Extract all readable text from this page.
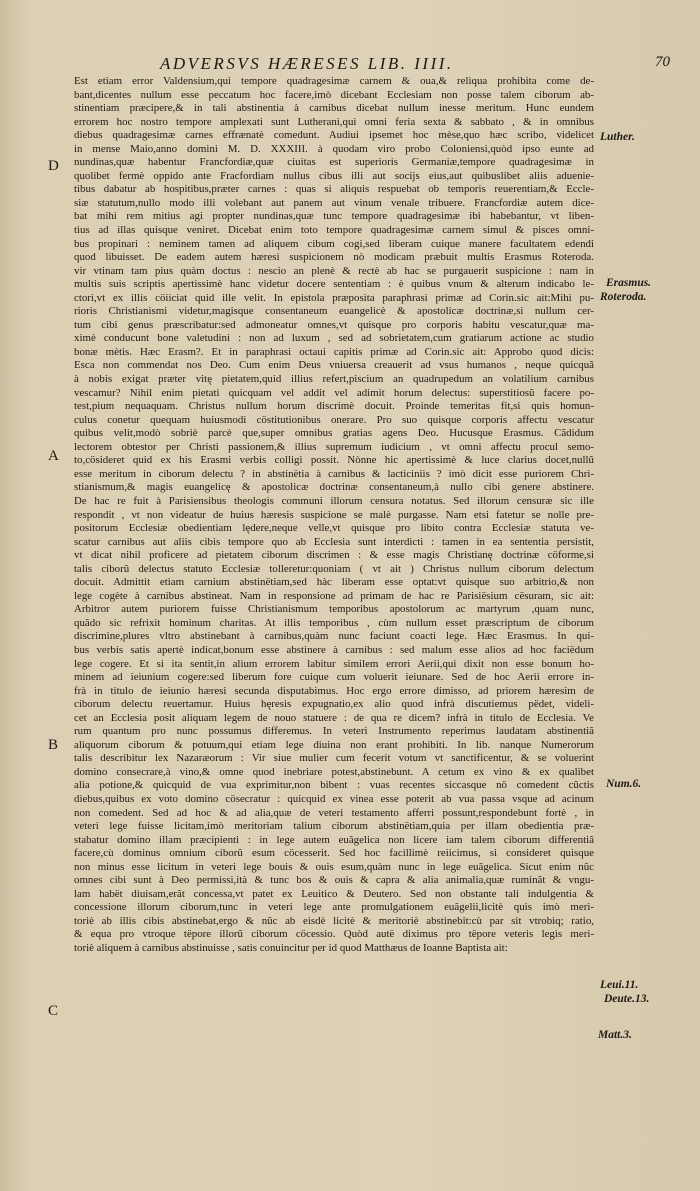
ADVERSVS HÆRESES LIB. IIII.	70
Est etiam error Valdensium,qui tempore quadragesimæ carnem & oua,& reliqua prohibita come de-
bant,dicentes nullum esse peccatum hoc facere,imò dicebant Ecclesiam non posse talem ciborum ab-
stinentiam præcipere,& in tali abstinentia à carnibus dicebat nullum inesse meritum. Hunc eundem
errorem hoc nostro tempore amplexati sunt Lutherani,qui omni feria sexta & sabbato , & in omnibus
diebus quadragesimæ carnes effrænatè comedunt. Audiui ipsemet hoc mèse,quo hæc scribo, videlicet
in mense Maio,anno domini M. D. XXXIII. à quodam viro probo Coloniensi,quòd ipso eunte ad
nundinas,quæ habentur Francfordiæ,quæ ciuitas est superioris Germaniæ,tempore quadragesimæ in
quolibet fermè oppido ante Fracfordiam nullus cibus illi aut socijs eius,aut quibuslibet aliis aduenie-
tibus dabatur ab hospitibus,præter carnes : quas si aliquis respuebat ob temporis reuerentiam,& Eccle-
siæ statutum,nullo modo illi volebant aut panem aut vinum venale tribuere. Francfordiæ autem dice-
bat mihi rem mitius agi propter nundinas,quæ tunc tempore quadragesimæ ibi habebantur, vt liben-
tius ad illas quisque veniret. Dicebat enim toto tempore quadragesimæ carnem simul & pisces omni-
bus propinari : neminem tamen ad aliquem cibum cogi,sed liberam cuique manere facultatem edendi
quod libuisset. De eadem autem hæresi suspicionem nò modicam præbuit multis Erasmus Roteroda.
vir vtinam tam pius quàm doctus : nescio an plenè & rectè ab hac se purgauerit suspicione : nam in
multis suis scriptis apertissimè hanc videtur docere sententiam : è quibus vnum & alterum indicabo le-
ctori,vt ex illis cöiiciat quid ille velit. In epistola præposita paraphrasi primæ ad Corin.sic ait:Mihi pu-
rioris Christianismi videtur,magisque consentaneum euangelicè & apostolicæ doctrinæ,si nullum cer-
tum cibi genus præscribatur:sed admoneatur omnes,vt quisque pro corporis habitu vescatur,quæ ma-
ximè conducunt bone valetudini : non ad luxum , sed ad sobrietatem,cum gratiarum actione ac studio
bonæ mètis. Hæc Erasm?. Et in paraphrasi octaui capitis primæ ad Corin.sic ait: Approbo quod dicis:
Esca non commendat nos Deo. Cum enim Deus vniuersa creauerit ad vsus humanos , neque quicquã
à nobis exigat præter vitę pietatem,quid illius refert,piscium an quadrupedum an volatilium carnibus
vescamur? Nihil enim pietati quicquam vel addit vel adimit horum delectus: superstitiosũ facere po-
test,pium nequaquam. Christus nullum horum discrimè docuit. Proinde temeritas fit,si quis homun-
culus conetur quequam huiusmodi cöstitutionibus onerare. Pro suo quisque corporis affectu vescatur
quibus velit,modò sobriè parcè que,super omnibus gratias agens Deo. Hucusque Erasmus. Cãdidum
lectorem obtestor per Christi passionem,& illius supremum iudicium , vt omni affectu procul semo-
to,cösideret quid ex his Erasmi verbis colligi possit. Nònne hic apertissimè & luce clarius docet,nullũ
esse meritum in ciborum delectu ? in abstinëtia à carnibus & lacticiniis ? imò dicit esse puriorem Chri-
stianismum,& magis euangelicę & apostolicæ doctrinæ consentaneum,à nullo cibi genere abstinere.
De hac re fuit à Parisiensibus theologis communi illorum censura notatus. Sed illorum censuræ sic ille
respondit , vt non videatur de huius hæresis suspicione se malè purgasse. Nam etsi fatetur se nolle pre-
positorum Ecclesiæ obedientiam lędere,neque velle,vt quisque pro libito contra Ecclesiæ statuta ve-
scatur carnibus aut aliis cibis tempore quo ab Ecclesia sunt interdicti : tamen in ea sententia persistit,
vt dicat nihil proficere ad pietatem ciborum discrimen : & esse magis Christianę doctrinæ cöforme,si
talis ciborũ delectus statuto Ecclesiæ tolleretur:quoniam ( vt ait ) Christus nullum ciborum delectum
docuit. Admittit etiam carnium abstinëtiam,sed hàc liberam esse optat:vt quisque suo arbitrio,& non
lege cogète à carnibus abstineat. Nam in responsione ad primam de hac re Parisiësium cësuram, sic ait:
Arbitror autem puriorem fuisse Christianismum temporibus apostolorum ac martyrum ,quam nunc,
quãdo sic refrixit hominum charitas. At illis temporibus , cùm nullum esset præscriptum de ciborum
discrimine,plures vltro abstinebant à carnibus,quàm nunc faciunt coacti lege. Hæc Erasmus. In qui-
bus verbis satis apertè indicat,bonum esse abstinere à carnibus : sed malum esse alios ad hoc faciëdum
lege cogere. Et si ita sentit,in alium errorem labitur similem errori Aerii,qui dixit non esse bonum ho-
minem ad ieiunium cogere:sed liberum fore cuique cum voluerit ieiunare. Sed de hoc Aerii errore in-
frà in titulo de ieiunio hæresi secunda disputabimus. Hoc ergo errore dimisso, ad priorem hæresim de
ciborum delectu reuertamur. Huius hęresis expugnatio,ex alio quod infrà discutiemus pëdet, videli-
cet an Ecclesia posit aliquam legem de nouo statuere : de qua re dicem? infrà in titulo de Ecclesia. Ve
rum quantum pro nunc possumus differemus. In veteri Instrumento reperimus laudatam abstinentiã
aliquorum ciborum & potuum,qui etiam lege diuina non erant prohibiti. In lib. nanque Numerorum
talis describitur lex Nazaræorum : Vir siue mulier cum fecerit votum vt sanctificentur, & se voluerint
domino consecrare,à vino,& omne quod inebriare potest,abstinebunt. A cetum ex vino & ex qualibet
alia potione,& quicquid de vua exprimitur,non bibent : vuas recentes siccasque nö comedent cũctis
diebus,quibus ex voto domino cösecratur : quicquid ex vinea esse poterit ab vua passa vsque ad acinum
non comedent. Sed ad hoc & ad alia,quæ de veteri testamento afferri possunt,respondebunt fortè , in
veteri lege fuisse licitam,imò meritoriam talium ciborum abstinëtiam,quia per illam obedientia præ-
stabatur domino illam præcipienti : in lege autem euãgelica non licere iam talem ciborum differentiã
facere,cù dominus omnium ciborũ esum cöcesserit. Sed hoc facillimè reiicimus, si consideret quisque
non minus esse licitum in veteri lege bouis & ouis esum,quàm nunc in lege euãgelica. Sicut enim nũc
omnes cibi sunt à Deo permissi,ità & tunc bos & ouis & capra & alia animalia,quæ ruminãt & vngu-
lam habët diuisam,erãt concessa,vt patet ex Leuitico & Deutero. Sed non obstante tali indulgentia &
concessione illorum ciborum,tunc in veteri lege ante promulgationem euãgelii,licitè quis imò meri-
toriè ab illis cibis abstinebat,ergo & nũc ab eisdè licitè & meritoriè abstinebit:cù par sit vtrobiq; ratio,
& equa pro vtroque tëpore illorũ ciborum cöcessio. Quòd autë diximus pro tëpore veteris legis meri-
toriè aliquem à carnibus abstinuisse , satis conuincitur per id quod Matthæus de Ioanne Baptista ait:
D
A
B
C
Luther.
Erasmus.
Roteroda.
Num.6.
Leui.11.
Deute.13.
Matt.3.
